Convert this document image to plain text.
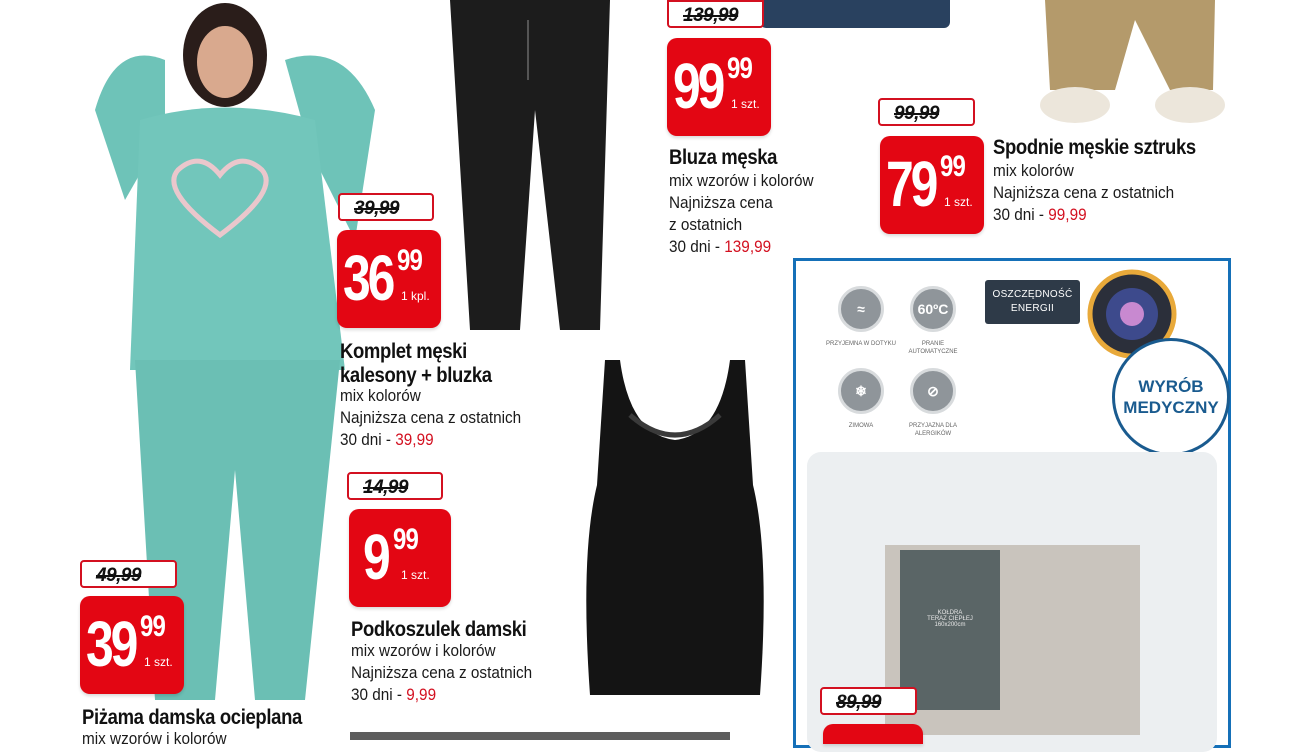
49,99
39 99
1 szt.
Piżama damska ocieplana
mix wzorów i kolorów
39,99
36 99
1 kpl.
Komplet męski
kalesony + bluzka
mix kolorów
Najniższa cena z ostatnich
30 dni - 39,99
14,99
9 99
1 szt.
Podkoszulek damski
mix wzorów i kolorów
Najniższa cena z ostatnich
30 dni - 9,99
139,99
99 99
1 szt.
Bluza męska
mix wzorów i kolorów
Najniższa cena
z ostatnich
30 dni - 139,99
99,99
79 99
1 szt.
Spodnie męskie sztruks
mix kolorów
Najniższa cena z ostatnich
30 dni - 99,99
OSZCZĘDNOŚĆ
ENERGII
WYRÓB
MEDYCZNY
≈
PRZYJEMNA W DOTYKU
60ºC
PRANIE AUTOMATYCZNE
❄
ZIMOWA
⊘
PRZYJAZNA DLA ALERGIKÓW
KOŁDRA
TERAZ CIEPŁEJ
160x200cm
89,99
